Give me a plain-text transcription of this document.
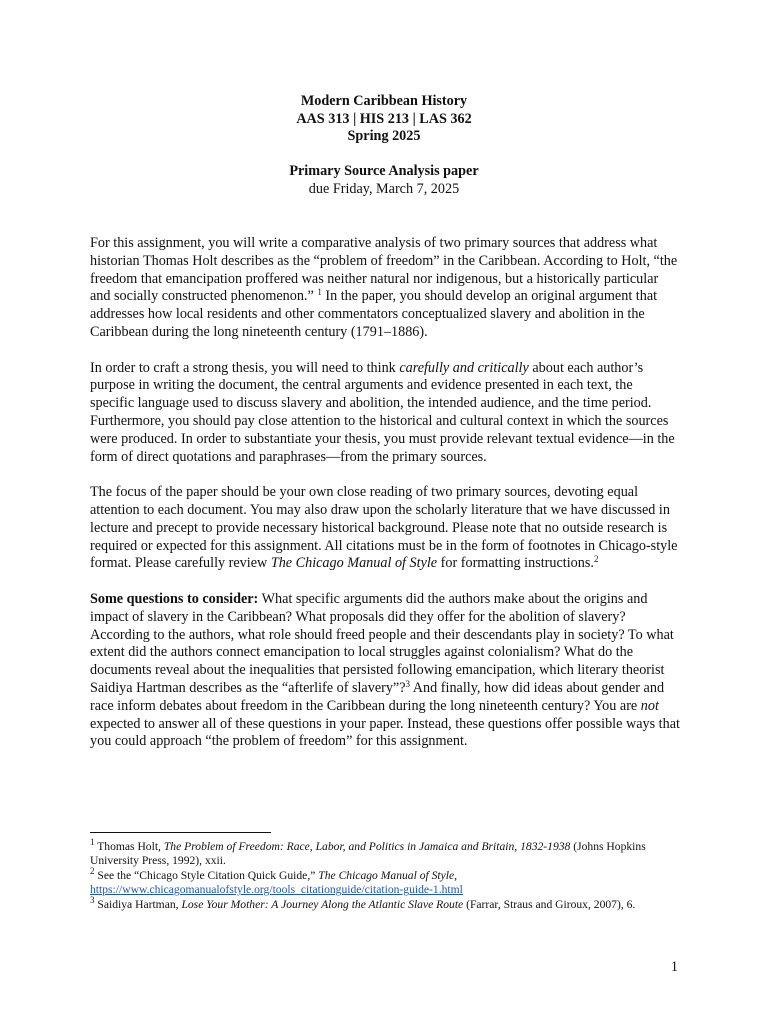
Modern Caribbean History
AAS 313 | HIS 213 | LAS 362
Spring 2025
Primary Source Analysis paper
due Friday, March 7, 2025

For this assignment, you will write a comparative analysis of two primary sources that address what historian Thomas Holt describes as the “problem of freedom” in the Caribbean. According to Holt, “the freedom that emancipation proffered was neither natural nor indigenous, but a historically particular and socially constructed phenomenon.” $^1$ In the paper, you should develop an original argument that addresses how local residents and other commentators conceptualized slavery and abolition in the Caribbean during the long nineteenth century (1791–1886).

In order to craft a strong thesis, you will need to think carefully and critically about each author’s purpose in writing the document, the central arguments and evidence presented in each text, the specific language used to discuss slavery and abolition, the intended audience, and the time period. Furthermore, you should pay close attention to the historical and cultural context in which the sources were produced. In order to substantiate your thesis, you must provide relevant textual evidence—in the form of direct quotations and paraphrases—from the primary sources.

The focus of the paper should be your own close reading of two primary sources, devoting equal attention to each document. You may also draw upon the scholarly literature that we have discussed in lecture and precept to provide necessary historical background. Please note that no outside research is required or expected for this assignment. All citations must be in the form of footnotes in Chicago-style format. Please carefully review The Chicago Manual of Style for formatting instructions.$^2$

Some questions to consider: What specific arguments did the authors make about the origins and impact of slavery in the Caribbean? What proposals did they offer for the abolition of slavery? According to the authors, what role should freed people and their descendants play in society? To what extent did the authors connect emancipation to local struggles against colonialism? What do the documents reveal about the inequalities that persisted following emancipation, which literary theorist Saidiya Hartman describes as the “afterlife of slavery”?$^3$ And finally, how did ideas about gender and race inform debates about freedom in the Caribbean during the long nineteenth century? You are not expected to answer all of these questions in your paper. Instead, these questions offer possible ways that you could approach “the problem of freedom” for this assignment.

$^1$ Thomas Holt, The Problem of Freedom: Race, Labor, and Politics in Jamaica and Britain, 1832-1938 (Johns Hopkins University Press, 1992), xxii.

$^2$ See the “Chicago Style Citation Quick Guide,” The Chicago Manual of Style,
https://www.chicagomanualofstyle.org/tools_citationguide/citation-guide-1.html

$^3$ Saidiya Hartman, Lose Your Mother: A Journey Along the Atlantic Slave Route (Farrar, Straus and Giroux, 2007), 6.

1
